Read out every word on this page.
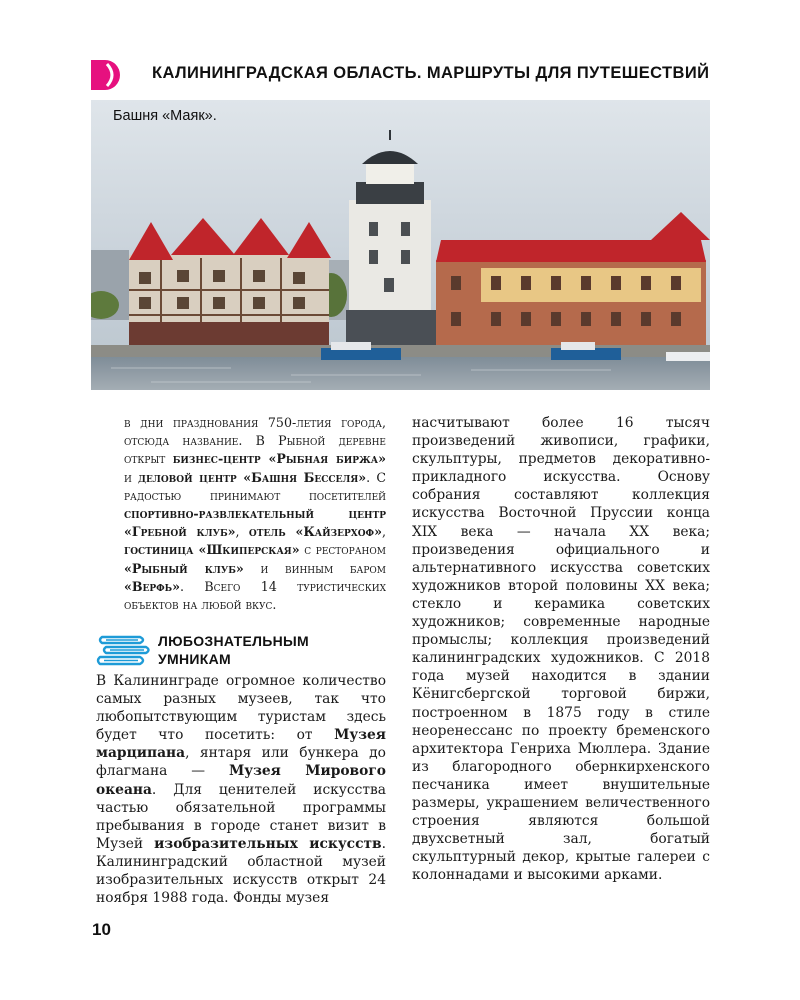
КАЛИНИНГРАДСКАЯ ОБЛАСТЬ. МАРШРУТЫ ДЛЯ ПУТЕШЕСТВИЙ
Башня «Маяк».

в дни празднования 750-летия города, отсюда название. В Рыбной деревне открыт бизнес-центр «Рыбная биржа» и деловой центр «Башня Бесселя». С радостью принимают посетителей спортивно-развлекательный центр «Гребной клуб», отель «Кайзерхоф», гостиница «Шкиперская» с рестораном «Рыбный клуб» и винным баром «Верфь». Всего 14 туристических объектов на любой вкус.

ЛЮБОЗНАТЕЛЬНЫМ
УМНИКАМ

В Калининграде огромное количество самых разных музеев, так что любопытствующим туристам здесь будет что посетить: от Музея марципана, янтаря или бункера до флагмана — Музея Мирового океана. Для ценителей искусства частью обязательной программы пребывания в городе станет визит в Музей изобразительных искусств. Калининградский областной музей изобразительных искусств открыт 24 ноября 1988 года. Фонды музея

насчитывают более 16 тысяч произведений живописи, графики, скульптуры, предметов декоративно-прикладного искусства. Основу собрания составляют коллекция искусства Восточной Пруссии конца XIX века — начала XX века; произведения официального и альтернативного искусства советских художников второй половины XX века; стекло и керамика советских художников; современные народные промыслы; коллекция произведений калининградских художников. С 2018 года музей находится в здании Кёнигсбергской торговой биржи, построенном в 1875 году в стиле неоренессанс по проекту бременского архитектора Генриха Мюллера. Здание из благородного обернкирхенского песчаника имеет внушительные размеры, украшением величественного строения являются большой двухсветный зал, богатый скульптурный декор, крытые галереи с колоннадами и высокими арками.

10
